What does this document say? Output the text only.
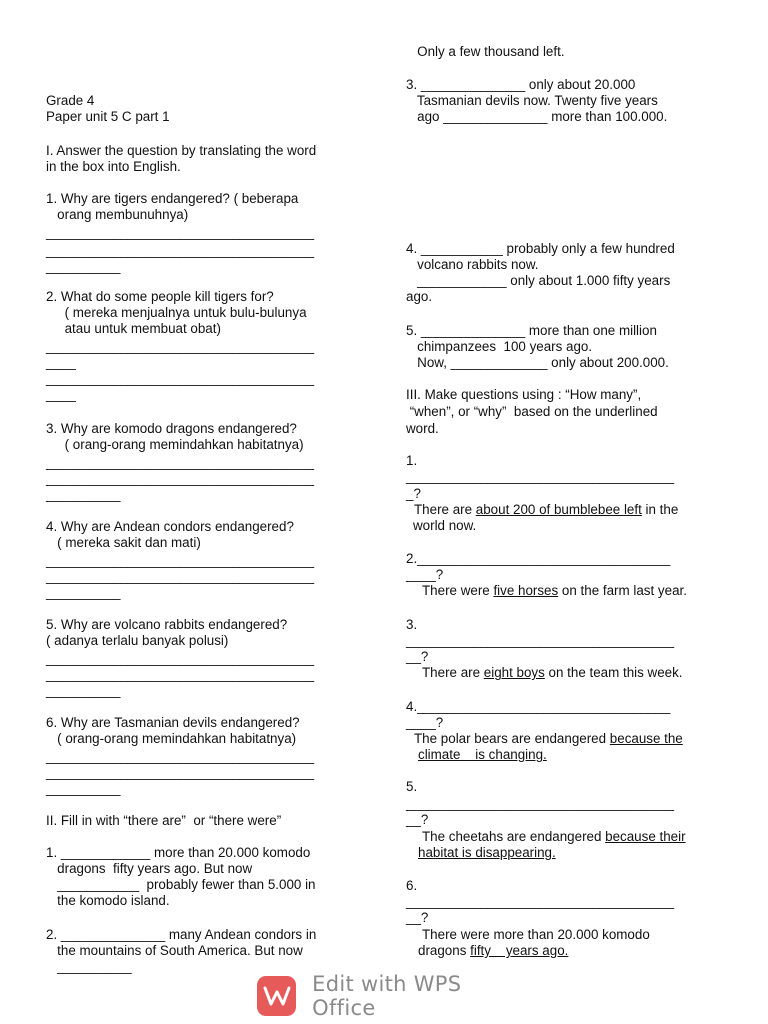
Grade 4
Paper unit 5 C part 1
I. Answer the question by translating the word
in the box into English.
1. Why are tigers endangered? ( beberapa
orang membunuhnya)
____________________________________
____________________________________
__________
2. What do some people kill tigers for?
( mereka menjualnya untuk bulu-bulunya
atau untuk membuat obat)
____________________________________
____
____________________________________
____
3. Why are komodo dragons endangered?
( orang-orang memindahkan habitatnya)
____________________________________
____________________________________
__________
4. Why are Andean condors endangered?
( mereka sakit dan mati)
____________________________________
____________________________________
__________
5. Why are volcano rabbits endangered?
( adanya terlalu banyak polusi)
____________________________________
____________________________________
__________
6. Why are Tasmanian devils endangered?
( orang-orang memindahkan habitatnya)
____________________________________
____________________________________
__________
II. Fill in with “there are”  or “there were”
1. ____________ more than 20.000 komodo
dragons  fifty years ago. But now
___________  probably fewer than 5.000 in
the komodo island.
2. ______________ many Andean condors in
the mountains of South America. But now
__________
Only a few thousand left.
3. ______________ only about 20.000
Tasmanian devils now. Twenty five years
ago ______________ more than 100.000.
4. ___________ probably only a few hundred
volcano rabbits now.
____________ only about 1.000 fifty years
ago.
5. ______________ more than one million
chimpanzees  100 years ago.
Now, _____________ only about 200.000.
III. Make questions using : “How many”,
“when”, or “why”  based on the underlined
word.
1.
____________________________________
_?
There are about 200 of bumblebee left in the
world now.
2.__________________________________
____?
There were five horses on the farm last year.
3.
____________________________________
__?
There are eight boys on the team this week.
4.__________________________________
____?
The polar bears are endangered because the
climate    is changing.
5.
____________________________________
__?
The cheetahs are endangered because their
habitat is disappearing.
6.
____________________________________
__?
There were more than 20.000 komodo
dragons fifty    years ago.
Edit with WPS Office
